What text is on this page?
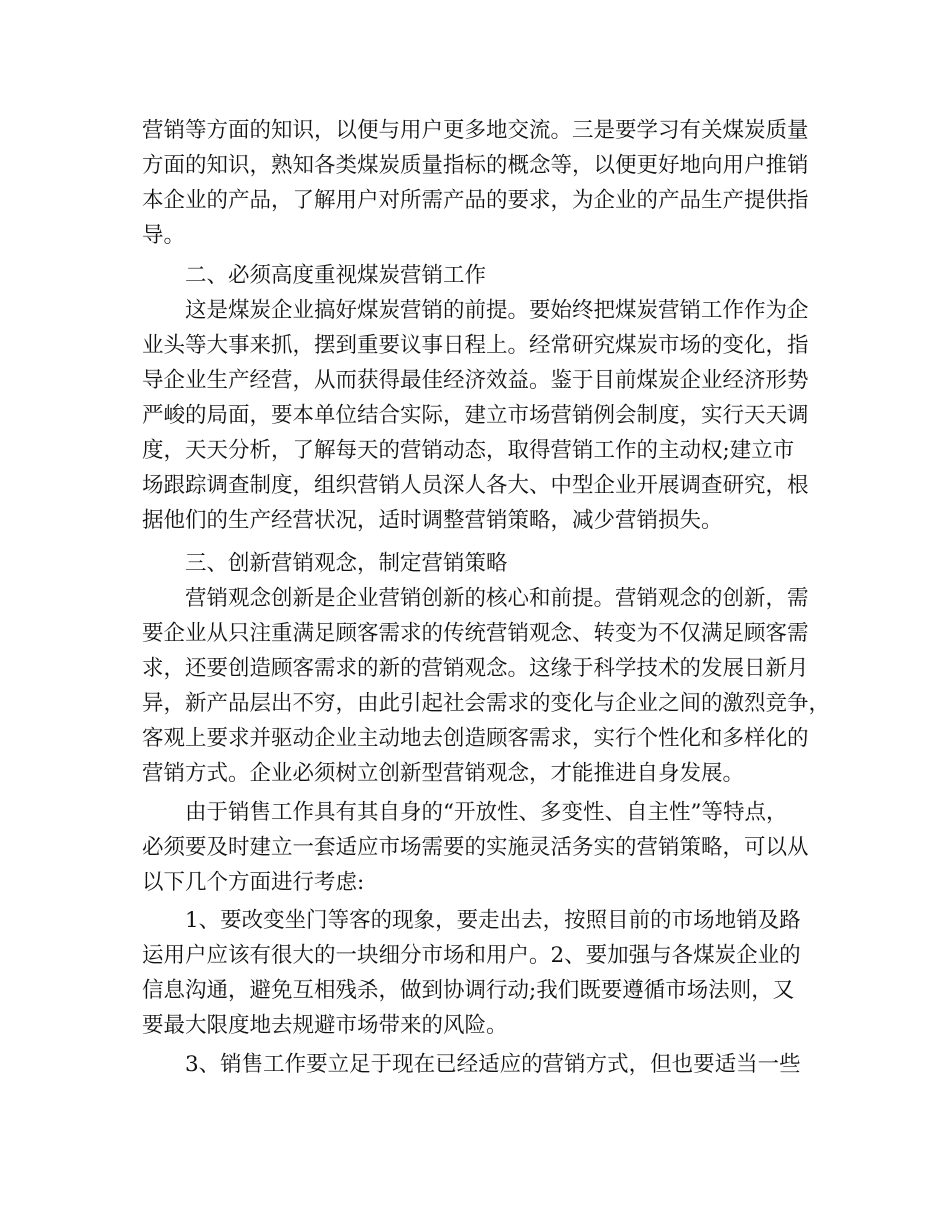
营销等方面的知识，以便与用户更多地交流。三是要学习有关煤炭质量
方面的知识，熟知各类煤炭质量指标的概念等，以便更好地向用户推销
本企业的产品，了解用户对所需产品的要求，为企业的产品生产提供指
导。
二、必须高度重视煤炭营销工作
这是煤炭企业搞好煤炭营销的前提。要始终把煤炭营销工作作为企
业头等大事来抓，摆到重要议事日程上。经常研究煤炭市场的变化，指
导企业生产经营，从而获得最佳经济效益。鉴于目前煤炭企业经济形势
严峻的局面，要本单位结合实际，建立市场营销例会制度，实行天天调
度，天天分析，了解每天的营销动态，取得营销工作的主动权;建立市
场跟踪调查制度，组织营销人员深人各大、中型企业开展调查研究，根
据他们的生产经营状况，适时调整营销策略，减少营销损失。
三、创新营销观念，制定营销策略
营销观念创新是企业营销创新的核心和前提。营销观念的创新，需
要企业从只注重满足顾客需求的传统营销观念、转变为不仅满足顾客需
求，还要创造顾客需求的新的营销观念。这缘于科学技术的发展日新月
异，新产品层出不穷，由此引起社会需求的变化与企业之间的激烈竞争，
客观上要求并驱动企业主动地去创造顾客需求，实行个性化和多样化的
营销方式。企业必须树立创新型营销观念，才能推进自身发展。
由于销售工作具有其自身的“开放性、多变性、自主性”等特点，
必须要及时建立一套适应市场需要的实施灵活务实的营销策略，可以从
以下几个方面进行考虑:
1、要改变坐门等客的现象，要走出去，按照目前的市场地销及路
运用户应该有很大的一块细分市场和用户。2、要加强与各煤炭企业的
信息沟通，避免互相残杀，做到协调行动;我们既要遵循市场法则，又
要最大限度地去规避市场带来的风险。
3、销售工作要立足于现在已经适应的营销方式，但也要适当一些
